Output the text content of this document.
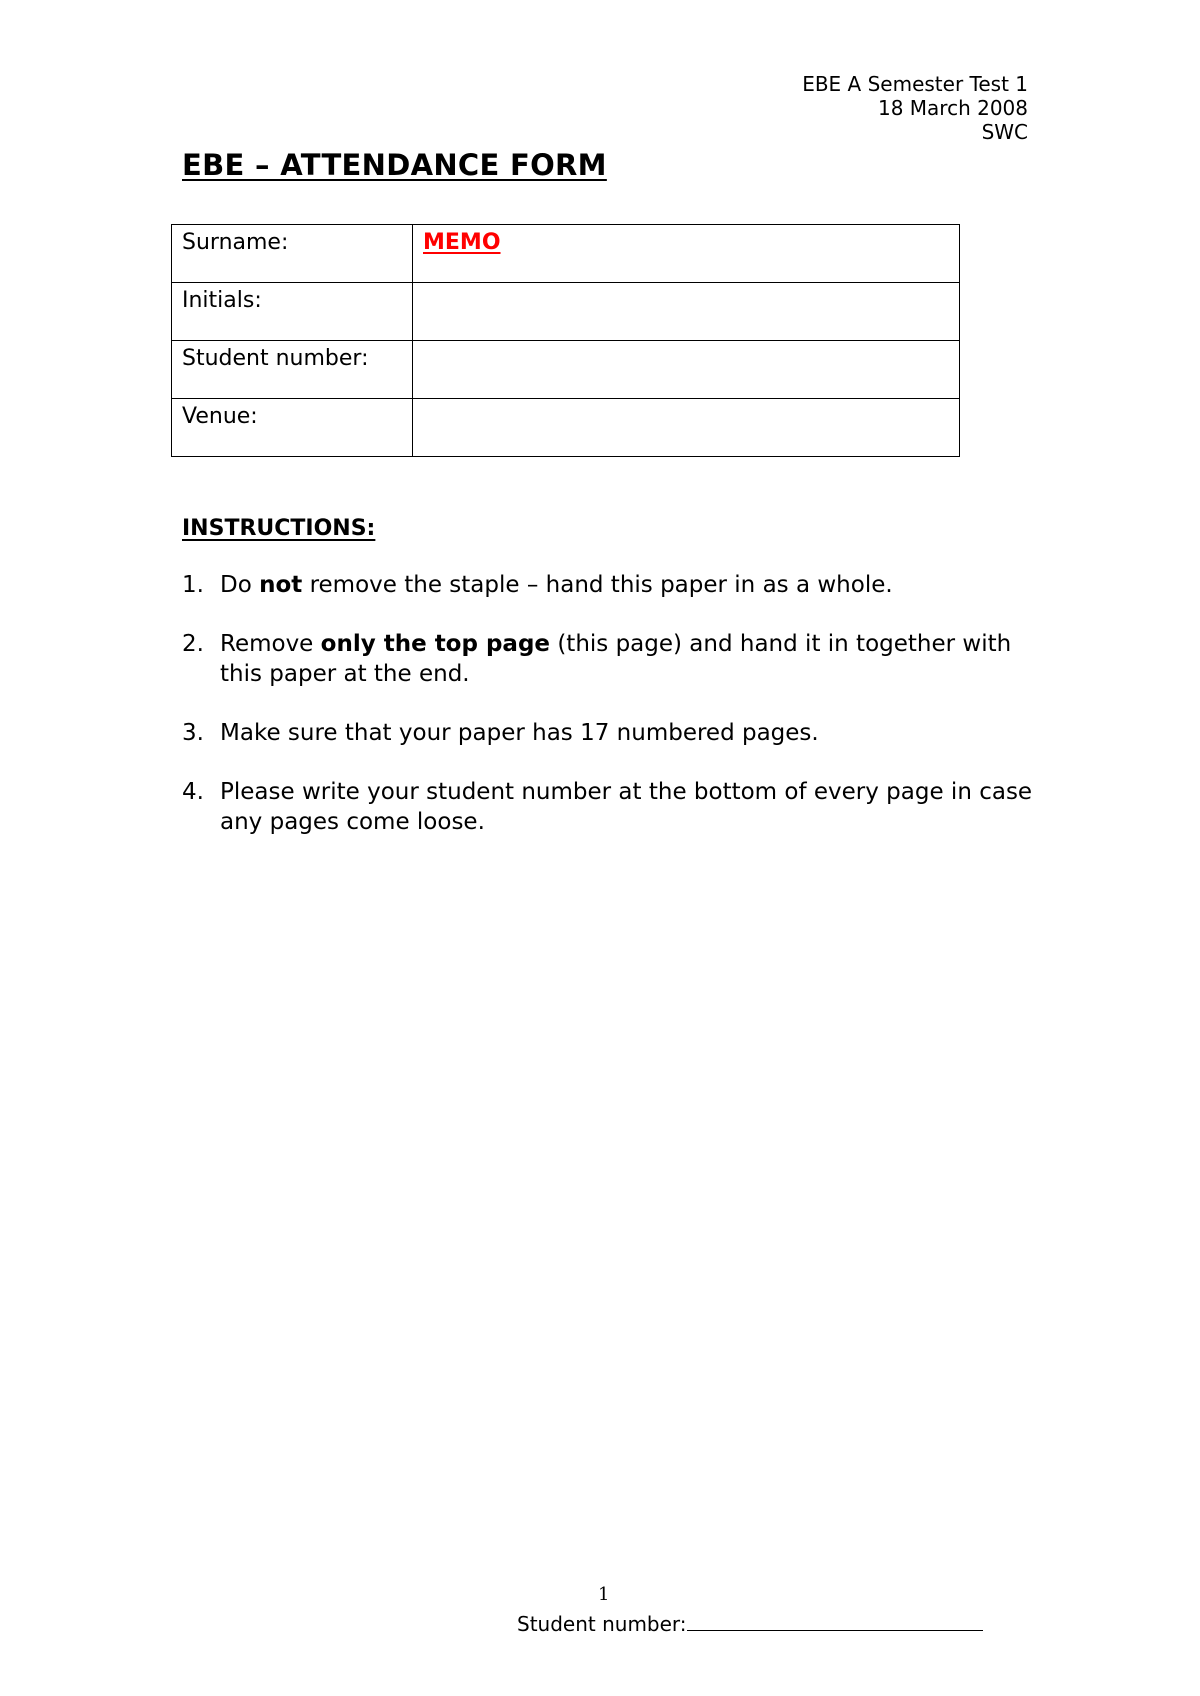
EBE A Semester Test 1
18 March 2008
SWC
EBE – ATTENDANCE FORM
Surname:	MEMO
Initials:	
Student number:	
Venue:	
INSTRUCTIONS:
1. Do not remove the staple – hand this paper in as a whole.
2. Remove only the top page (this page) and hand it in together with this paper at the end.
3. Make sure that your paper has 17 numbered pages.
4. Please write your student number at the bottom of every page in case any pages come loose.
1
Student number:
